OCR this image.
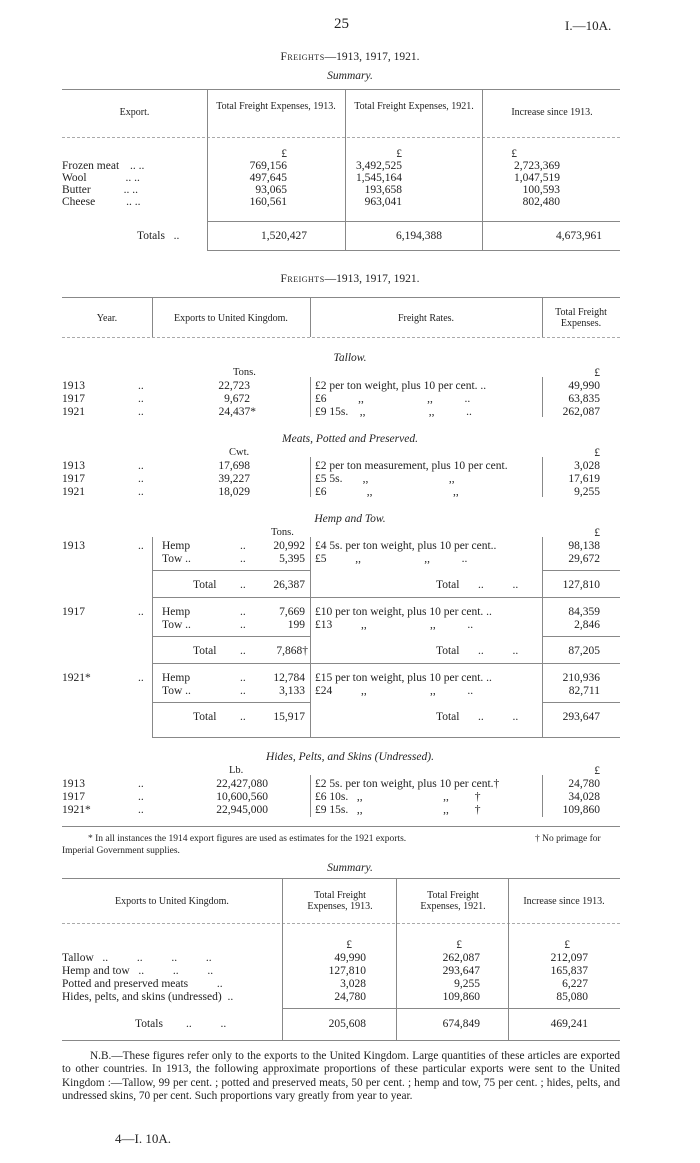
25	I.—10A.
Freights—1913, 1917, 1921.
Summary.
Export.
Total Freight Expenses, 1913.	Total Freight Expenses, 1921.
Increase since 1913.

	£		£		£		
Frozen meat .. ..	769,156		3,492,525		2,723,369		
Wool .. ..	497,645		1,545,164		1,047,519		
Butter .. ..	93,065		193,658		100,593		
Cheese .. ..	160,561		963,041		802,480		
Totals ..	1,520,427	6,194,388	4,673,961
Freights—1913, 1917, 1921.
Year.	Exports to United Kingdom.	Freight Rates.
Total Freight Expenses.
Tallow.
Tons.	£
1913	..	22,723	£2 per ton weight, plus 10 per cent. ..	49,990
1917	..	9,672	£6           ,,                      ,,           ..	63,835
1921	..	24,437*	£9 15s.    ,,                      ,,           ..	262,087
Meats, Potted and Preserved.
Cwt.	£
1913	..	17,698	£2 per ton measurement, plus 10 per cent.	3,028
1917	..	39,227	£5 5s.       ,,                            ,,	17,619
1921	..	18,029	£6              ,,                            ,,	9,255
Hemp and Tow.
Tons.	£
1913	.. Hemp	..	20,992 £4 5s. per ton weight, plus 10 per cent..	98,138
Tow ..	..	5,395 £5          ,,                      ,,           ..	29,672
Total ..	26,387	Total ..          ..	127,810
1917	.. Hemp	..	7,669 £10 per ton weight, plus 10 per cent. ..	84,359
Tow ..	..	199 £13          ,,                      ,,           ..	2,846
Total ..	7,868†	Total ..          ..	87,205
1921*	.. Hemp	..	12,784 £15 per ton weight, plus 10 per cent. ..	210,936
Tow ..	..	3,133 £24          ,,                      ,,           ..	82,711
Total ..	15,917	Total ..          ..	293,647
Hides, Pelts, and Skins (Undressed).
Lb.	£
1913	..	22,427,080	£2 5s. per ton weight, plus 10 per cent.†	24,780
1917	..	10,600,560	£6 10s.   ,,                            ,,         †	34,028
1921*	..	22,945,000	£9 15s.   ,,                            ,,         †	109,860
* In all instances the 1914 export figures are used as estimates for the 1921 exports.	† No primage for
Imperial Government supplies.
Summary.
Exports to United Kingdom.
Total Freight Expenses, 1913.
Total Freight Expenses, 1921.	Increase since 1913.
£	£	£
Tallow   ..          ..          ..          ..	49,990	262,087	212,097
Hemp and tow   ..          ..          ..	127,810	293,647	165,837
Potted and preserved meats          ..	3,028	9,255	6,227
Hides, pelts, and skins (undressed)  ..	24,780	109,860	85,080
Totals ..          ..	205,608	674,849	469,241
N.B.—These figures refer only to the exports to the United Kingdom. Large quantities of these articles are exported to other countries. In 1913, the following approximate proportions of these particular exports were sent to the United Kingdom :—Tallow, 99 per cent. ; potted and preserved meats, 50 per cent. ; hemp and tow, 75 per cent. ; hides, pelts, and undressed skins, 70 per cent. Such proportions vary greatly from year to year.
4—I. 10A.
